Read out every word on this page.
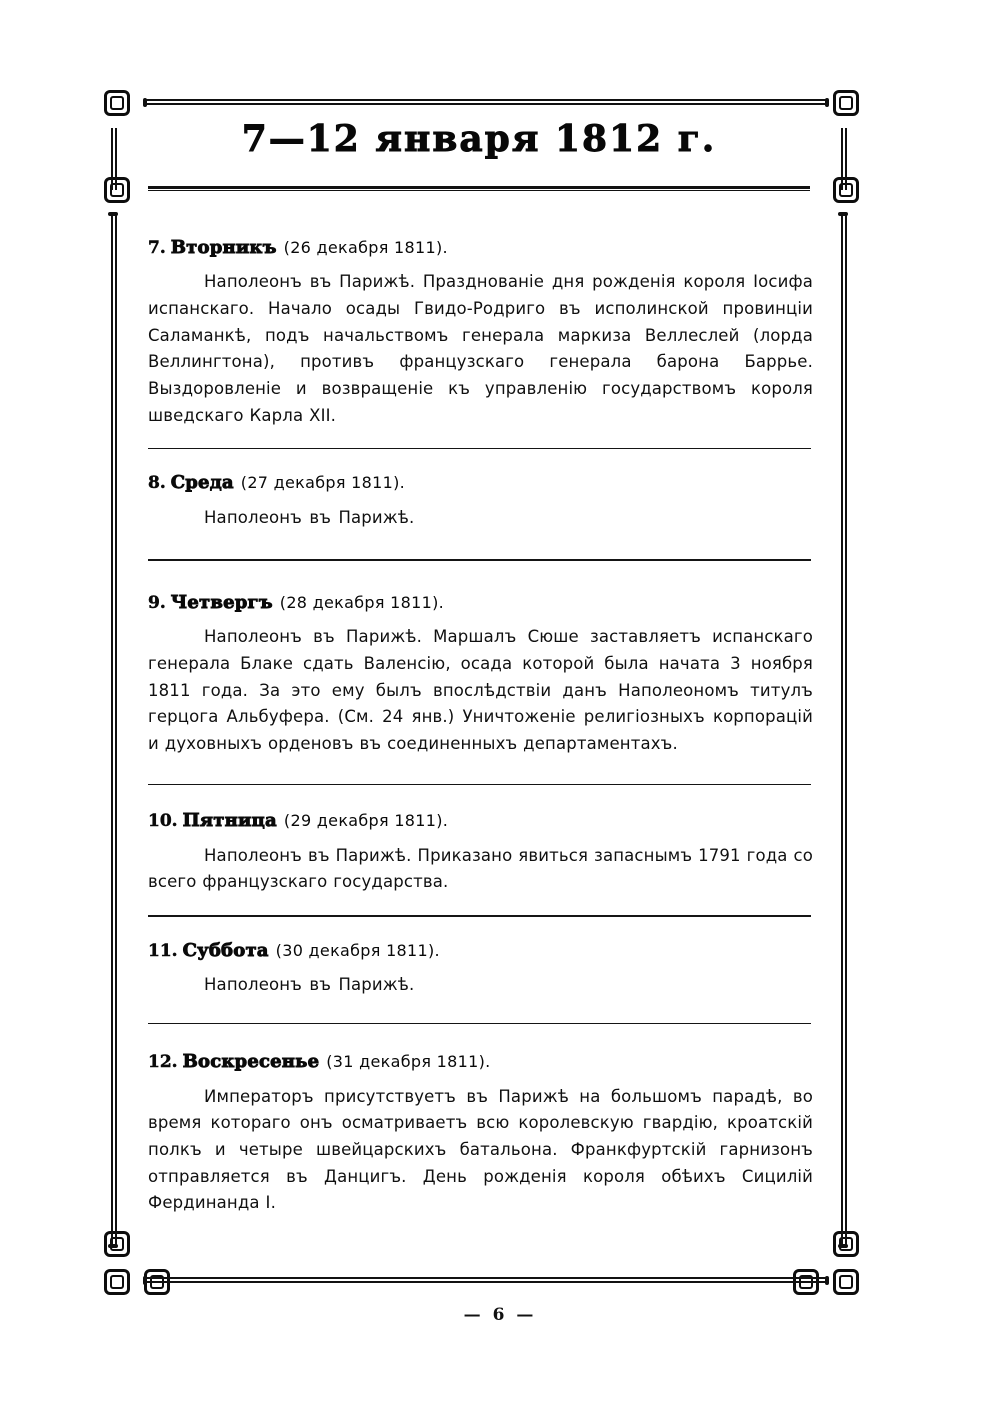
7—12 января 1812 г.

7. Вторникъ (26 декабря 1811).

Наполеонъ въ Парижѣ. Празднованіе дня рожденія короля Іосифа испанскаго. Начало осады Гвидо-Родриго въ исполинской провинціи Саламанкѣ, подъ начальствомъ генерала маркиза Веллеслей (лорда Веллингтона), противъ французскаго генерала барона Баррье. Выздоровленіе и возвращеніе къ управленію государствомъ короля шведскаго Карла XII.

8. Среда (27 декабря 1811).

Наполеонъ въ Парижѣ.

9. Четвергъ (28 декабря 1811).

Наполеонъ въ Парижѣ. Маршалъ Сюше заставляетъ испанскаго генерала Блаке сдать Валенсію, осада которой была начата 3 ноября 1811 года. За это ему былъ впослѣдствіи данъ Наполеономъ титулъ герцога Альбуфера. (См. 24 янв.) Уничтоженіе религіозныхъ корпорацій и духовныхъ орденовъ въ соединенныхъ департаментахъ.

10. Пятница (29 декабря 1811).

Наполеонъ въ Парижѣ. Приказано явиться запаснымъ 1791 года со всего французскаго государства.

11. Суббота (30 декабря 1811).

Наполеонъ въ Парижѣ.

12. Воскресенье (31 декабря 1811).

Императоръ присутствуетъ въ Парижѣ на большомъ парадѣ, во время котораго онъ осматриваетъ всю королевскую гвардію, кроатскій полкъ и четыре швейцарскихъ батальона. Франкфуртскій гарнизонъ отправляется въ Данцигъ. День рожденія короля обѣихъ Сицилій Фердинанда I.

— 6 —
